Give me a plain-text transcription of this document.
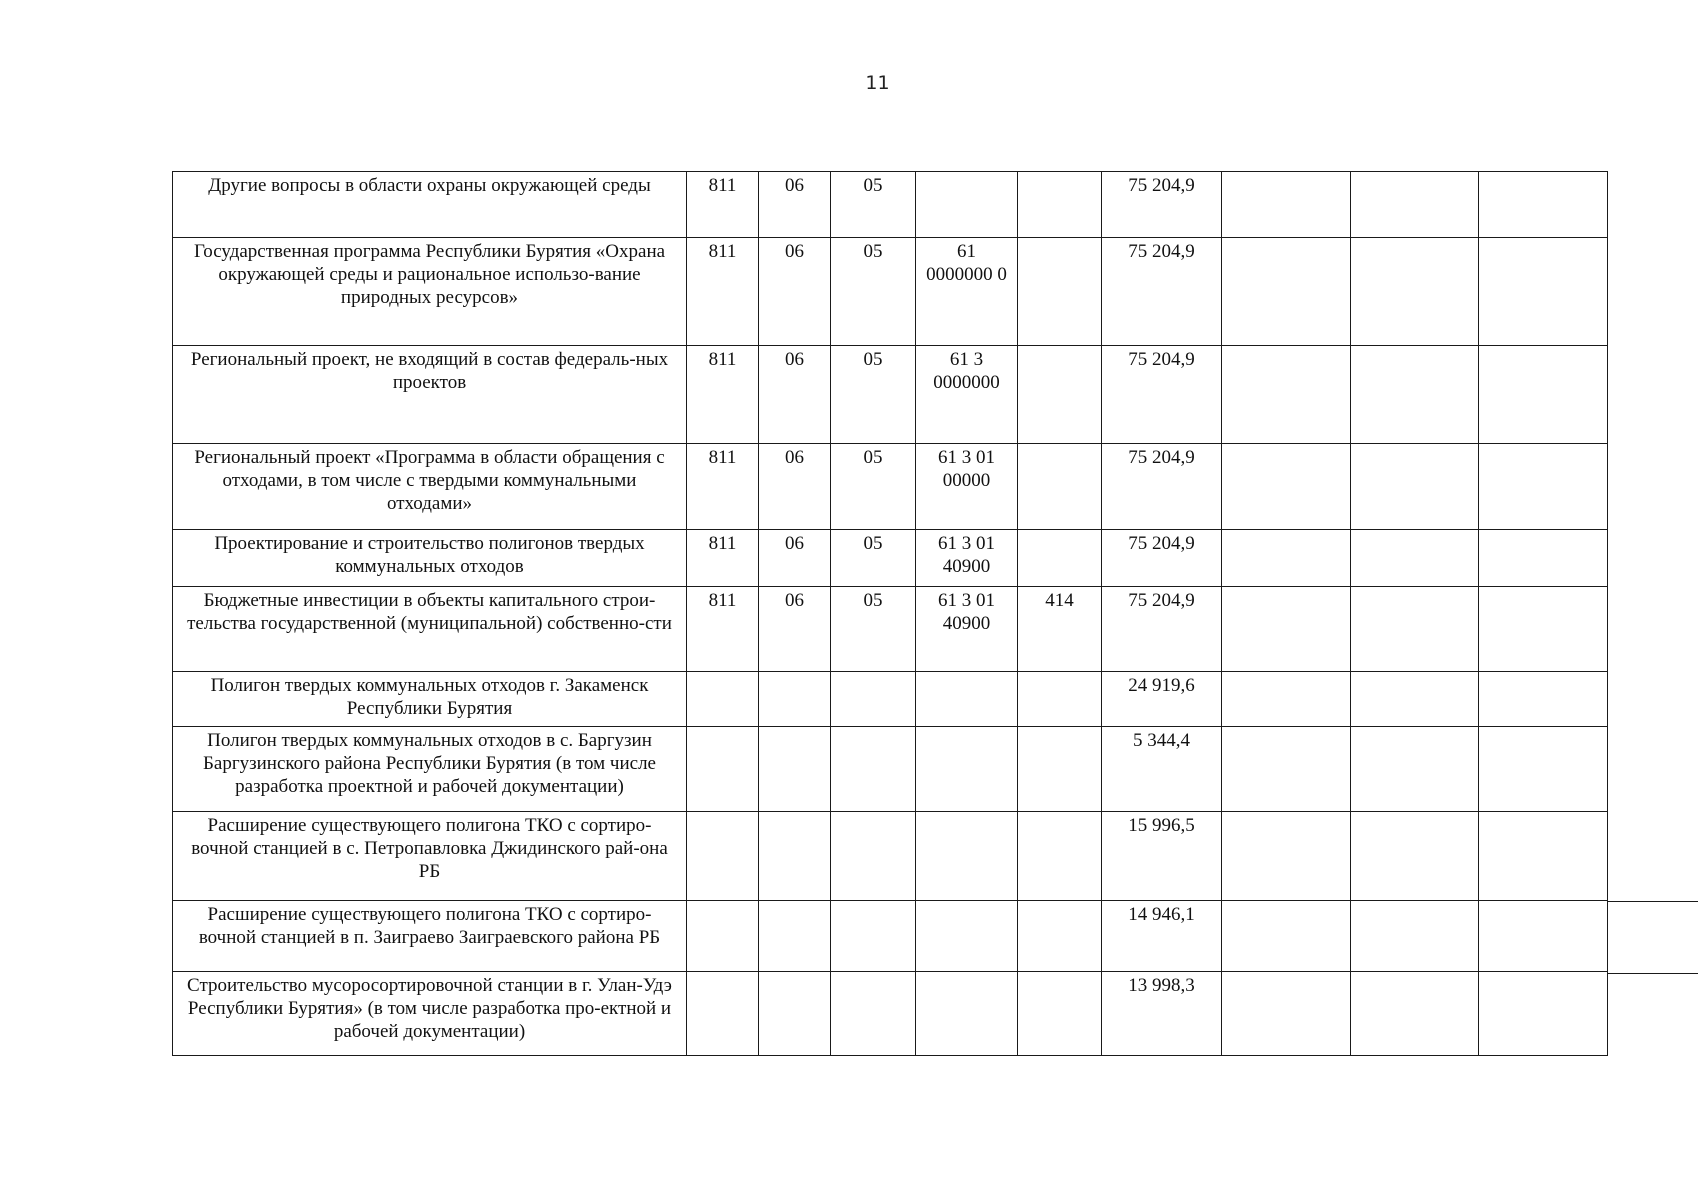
11
Другие вопросы в области охраны окружающей среды	811	06	05			75 204,9			
Государственная программа Республики Бурятия «Охрана окружающей среды и рациональное использо-вание природных ресурсов»	811	06	05	61 0000000 0		75 204,9			
Региональный проект, не входящий в состав федераль-ных проектов	811	06	05	61 3 0000000		75 204,9			
Региональный проект «Программа в области обращения с отходами, в том числе с твердыми коммунальными отходами»	811	06	05	61 3 01 00000		75 204,9			
Проектирование и строительство полигонов твердых коммунальных отходов	811	06	05	61 3 01 40900		75 204,9			
Бюджетные инвестиции в объекты капитального строи-тельства государственной (муниципальной) собственно-сти	811	06	05	61 3 01 40900	414	75 204,9			
Полигон твердых коммунальных отходов г. Закаменск Республики Бурятия						24 919,6			
Полигон твердых коммунальных отходов в с. Баргузин Баргузинского района Республики Бурятия (в том числе разработка проектной и рабочей документации)						5 344,4			
Расширение существующего полигона ТКО с сортиро-вочной станцией в с. Петропавловка Джидинского рай-она РБ						15 996,5			
Расширение существующего полигона ТКО с сортиро-вочной станцией в п. Заиграево Заиграевского района РБ						14 946,1			
Строительство мусоросортировочной станции в г. Улан-Удэ Республики Бурятия» (в том числе разработка про-ектной и рабочей документации)						13 998,3			
